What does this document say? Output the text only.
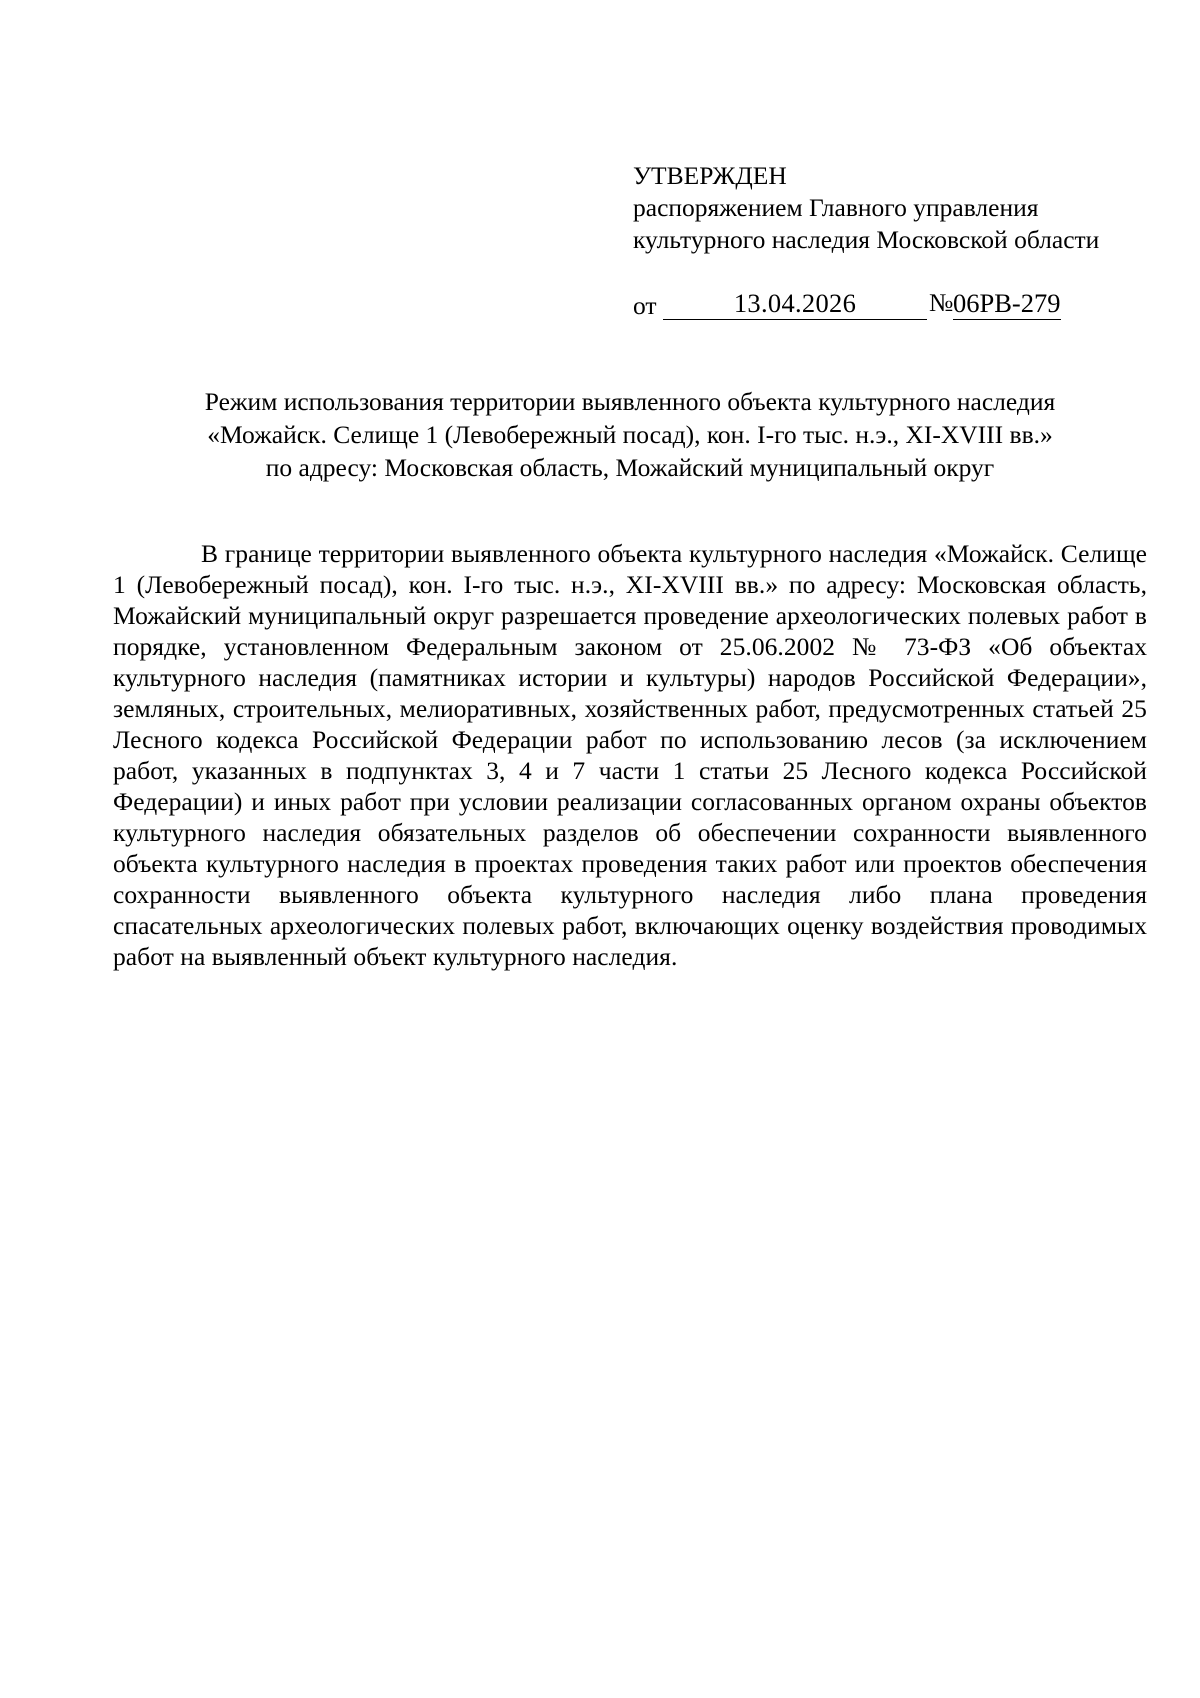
УТВЕРЖДЕН
распоряжением Главного управления
культурного наследия Московской области
от	13.04.2026	№ 06РВ-279
Режим использования территории выявленного объекта культурного наследия
«Можайск. Селище 1 (Левобережный посад), кон. I-го тыс. н.э., XI-XVIII вв.»
по адресу: Московская область, Можайский муниципальный округ

В границе территории выявленного объекта культурного наследия «Можайск. Селище 1 (Левобережный посад), кон. I-го тыс. н.э., XI-XVIII вв.» по адресу: Московская область, Можайский муниципальный округ разрешается проведение археологических полевых работ в порядке, установленном Федеральным законом от 25.06.2002 № 73-ФЗ «Об объектах культурного наследия (памятниках истории и культуры) народов Российской Федерации», земляных, строительных, мелиоративных, хозяйственных работ, предусмотренных статьей 25 Лесного кодекса Российской Федерации работ по использованию лесов (за исключением работ, указанных в подпунктах 3, 4 и 7 части 1 статьи 25 Лесного кодекса Российской Федерации) и иных работ при условии реализации согласованных органом охраны объектов культурного наследия обязательных разделов об обеспечении сохранности выявленного объекта культурного наследия в проектах проведения таких работ или проектов обеспечения сохранности выявленного объекта культурного наследия либо плана проведения спасательных археологических полевых работ, включающих оценку воздействия проводимых работ на выявленный объект культурного наследия.
